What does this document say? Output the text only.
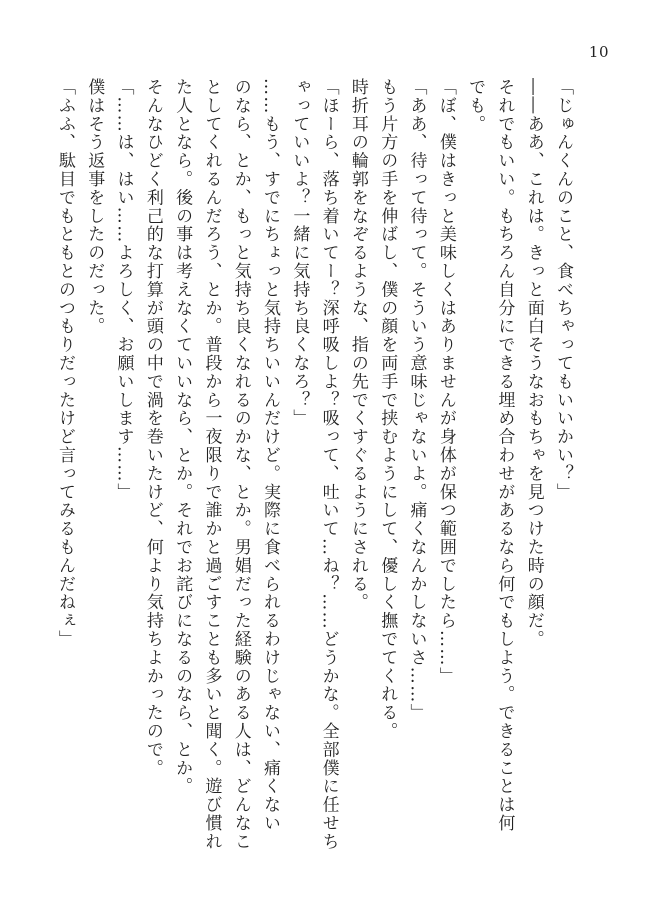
10

「じゅんくんのこと、食べちゃってもいいかい？」

――ああ、これは。きっと面白そうなおもちゃを見つけた時の顔だ。

それでもいい。もちろん自分にできる埋め合わせがあるなら何でもしよう。できることは何

でも。

「ぼ、僕はきっと美味しくはありませんが身体が保つ範囲でしたら……」

「ああ、待って待って。そういう意味じゃないよ。痛くなんかしないさ……」

もう片方の手を伸ばし、僕の顔を両手で挟むようにして、優しく撫でてくれる。

時折耳の輪郭をなぞるような、指の先でくすぐるようにされる。

「ほーら、落ち着いてー？深呼吸しよ？吸って、吐いて…ね？……どうかな。全部僕に任せち

ゃっていいよ？一緒に気持ち良くなろ？」

……もう、すでにちょっと気持ちいいんだけど。実際に食べられるわけじゃない、痛くない

のなら、とか、もっと気持ち良くなれるのかな、とか。男娼だった経験のある人は、どんなこ

としてくれるんだろう、とか。普段から一夜限りで誰かと過ごすことも多いと聞く。遊び慣れ

た人となら。後の事は考えなくていいなら、とか。それでお詫びになるのなら、とか。

そんなひどく利己的な打算が頭の中で渦を巻いたけど、何より気持ちよかったので。

「……は、はい……よろしく、お願いします……」

僕はそう返事をしたのだった。

「ふふ、駄目でもともとのつもりだったけど言ってみるもんだねぇ」
